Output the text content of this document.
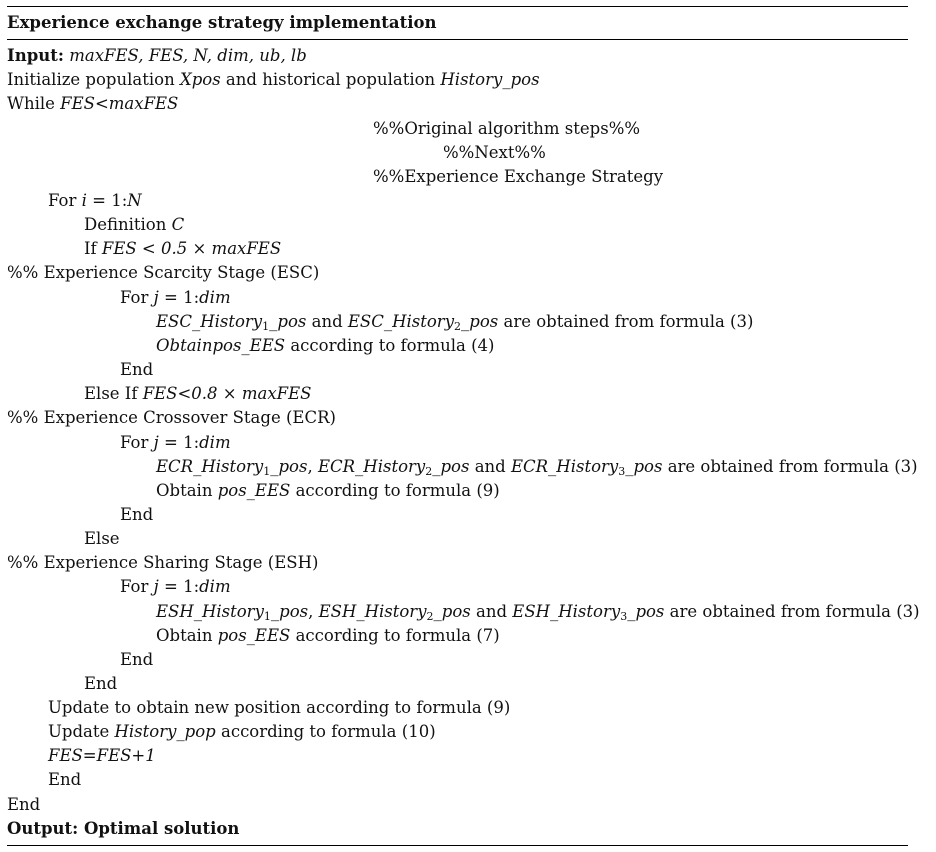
Experience exchange strategy implementation
Input: maxFES, FES, N, dim, ub, lb
Initialize population Xpos and historical population History_pos
While FES<maxFES
%%Original algorithm steps%%
%%Next%%
%%Experience Exchange Strategy
For i = 1:N
Definition C
If FES < 0.5 × maxFES
%% Experience Scarcity Stage (ESC)
For j = 1:dim
ESC_History$_1$_pos and ESC_History$_2$_pos are obtained from formula (3)
Obtainpos_EES according to formula (4)
End
Else If FES<0.8 × maxFES
%% Experience Crossover Stage (ECR)
For j = 1:dim
ECR_History$_1$_pos, ECR_History$_2$_pos and ECR_History$_3$_pos are obtained from formula (3)
Obtain pos_EES according to formula (9)
End
Else
%% Experience Sharing Stage (ESH)
For j = 1:dim
ESH_History$_1$_pos, ESH_History$_2$_pos and ESH_History$_3$_pos are obtained from formula (3)
Obtain pos_EES according to formula (7)
End
End
Update to obtain new position according to formula (9)
Update History_pop according to formula (10)
FES=FES+1
End
End
Output: Optimal solution
